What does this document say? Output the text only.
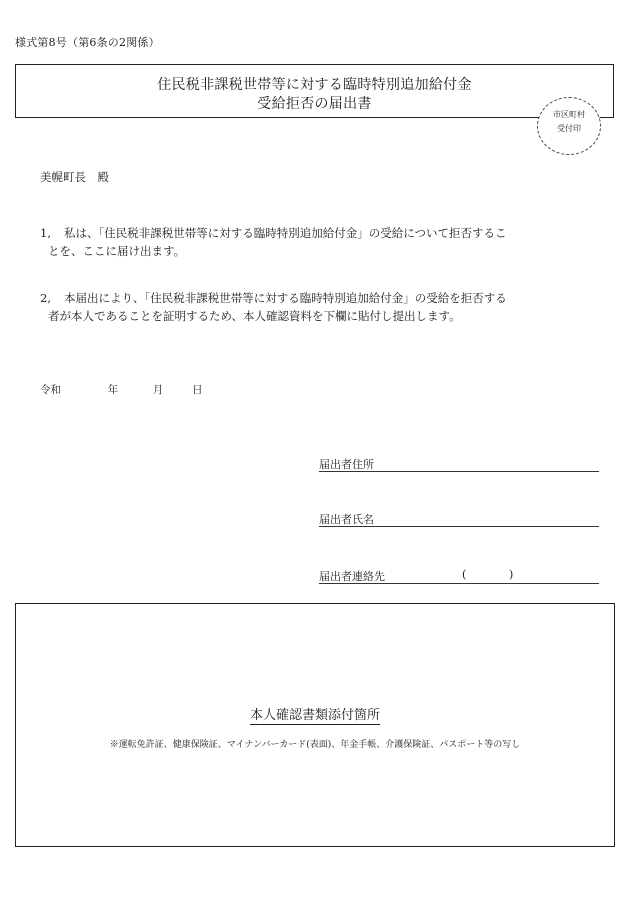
様式第8号（第6条の2関係）
住民税非課税世帯等に対する臨時特別追加給付金
受給拒否の届出書
市区町村
受付印
美幌町長　殿
1, 私は、「住民税非課税世帯等に対する臨時特別追加給付金」の受給について拒否するこ
とを、ここに届け出ます。
2, 本届出により、「住民税非課税世帯等に対する臨時特別追加給付金」の受給を拒否する
者が本人であることを証明するため、本人確認資料を下欄に貼付し提出します。
令和	年	月	日
届出者住所
届出者氏名
届出者連絡先	(	)
本人確認書類添付箇所
※運転免許証、健康保険証、マイナンバーカード(表面)、年金手帳、介護保険証、パスポート等の写し
